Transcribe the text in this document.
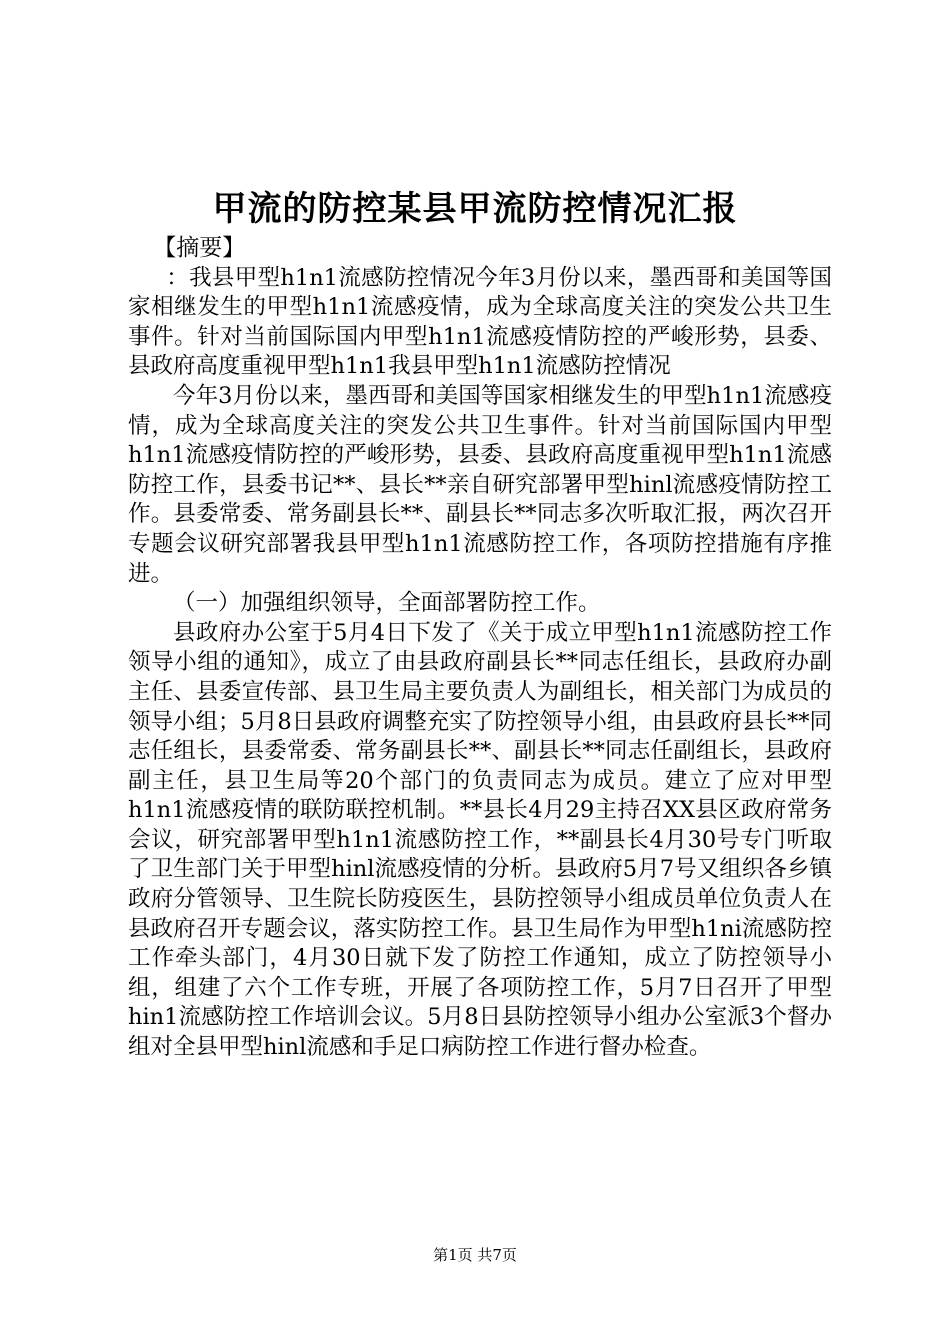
甲流的防控某县甲流防控情况汇报

【摘要】

：我县甲型h1n1流感防控情况今年3月份以来，墨西哥和美国等国家相继发生的甲型h1n1流感疫情，成为全球高度关注的突发公共卫生事件。针对当前国际国内甲型h1n1流感疫情防控的严峻形势，县委、县政府高度重视甲型h1n1我县甲型h1n1流感防控情况

今年3月份以来，墨西哥和美国等国家相继发生的甲型h1n1流感疫情，成为全球高度关注的突发公共卫生事件。针对当前国际国内甲型h1n1流感疫情防控的严峻形势，县委、县政府高度重视甲型h1n1流感防控工作，县委书记**、县长**亲自研究部署甲型hinl流感疫情防控工作。县委常委、常务副县长**、副县长**同志多次听取汇报，两次召开专题会议研究部署我县甲型h1n1流感防控工作，各项防控措施有序推进。

（一）加强组织领导，全面部署防控工作。

县政府办公室于5月4日下发了《关于成立甲型h1n1流感防控工作领导小组的通知》，成立了由县政府副县长**同志任组长，县政府办副主任、县委宣传部、县卫生局主要负责人为副组长，相关部门为成员的领导小组；5月8日县政府调整充实了防控领导小组，由县政府县长**同志任组长，县委常委、常务副县长**、副县长**同志任副组长，县政府副主任，县卫生局等20个部门的负责同志为成员。建立了应对甲型h1n1流感疫情的联防联控机制。**县长4月29主持召XX县区政府常务会议，研究部署甲型h1n1流感防控工作，**副县长4月30号专门听取了卫生部门关于甲型hinl流感疫情的分析。县政府5月7号又组织各乡镇政府分管领导、卫生院长防疫医生，县防控领导小组成员单位负责人在县政府召开专题会议，落实防控工作。县卫生局作为甲型h1ni流感防控工作牵头部门，4月30日就下发了防控工作通知，成立了防控领导小组，组建了六个工作专班，开展了各项防控工作，5月7日召开了甲型hin1流感防控工作培训会议。5月8日县防控领导小组办公室派3个督办组对全县甲型hinl流感和手足口病防控工作进行督办检查。

第1页 共7页
